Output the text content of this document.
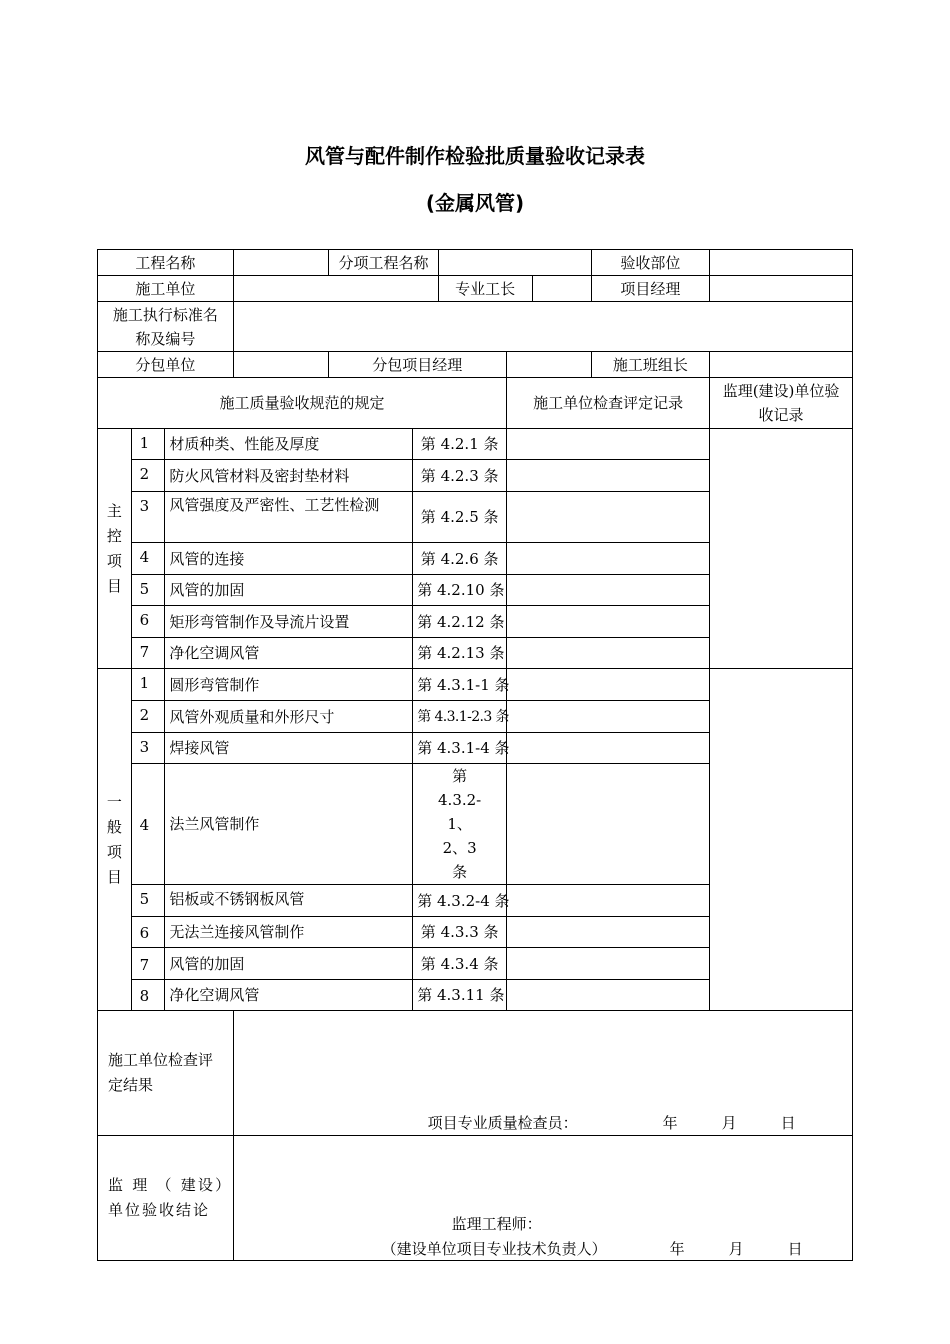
风管与配件制作检验批质量验收记录表
(金属风管)
工程名称				分项工程名称					验收部位	
施工单位						专业工长			项目经理	
施工执行标准名称及编号										
分包单位				分包项目经理					施工班组长	
施工质量验收规范的规定							施工单位检查评定记录			监理(建设)单位验收记录

主
控
项
目	1	材质种类、性能及厚度			第 4.2.1 条					
	2	防火风管材料及密封垫材料			第 4.2.3 条					
	3	风管强度及严密性、工艺性检测			第 4.2.5 条					
	4	风管的连接			第 4.2.6 条					
	5	风管的加固			第 4.2.10 条					
	6	矩形弯管制作及导流片设置			第 4.2.12 条					
	7	净化空调风管			第 4.2.13 条					

一
般
项
目	1	圆形弯管制作			第 4.3.1-1 条					
	2	风管外观质量和外形尺寸			第 4.3.1-2.3 条					
	3	焊接风管			第 4.3.1-4 条					
	4	法兰风管制作			第 4.3.2-1、2、3 条					
	5	铝板或不锈钢板风管			第 4.3.2-4 条					
	6	无法兰连接风管制作			第 4.3.3 条					
	7	风管的加固			第 4.3.4 条					
	8	净化空调风管			第 4.3.11 条					
施工单位检查评定结果			项目专业质量检查员： 年 月 日							

监 理 （ 建设）单位验收结论			监理工程师：
（建设单位项目专业技术负责人） 年 月 日							
